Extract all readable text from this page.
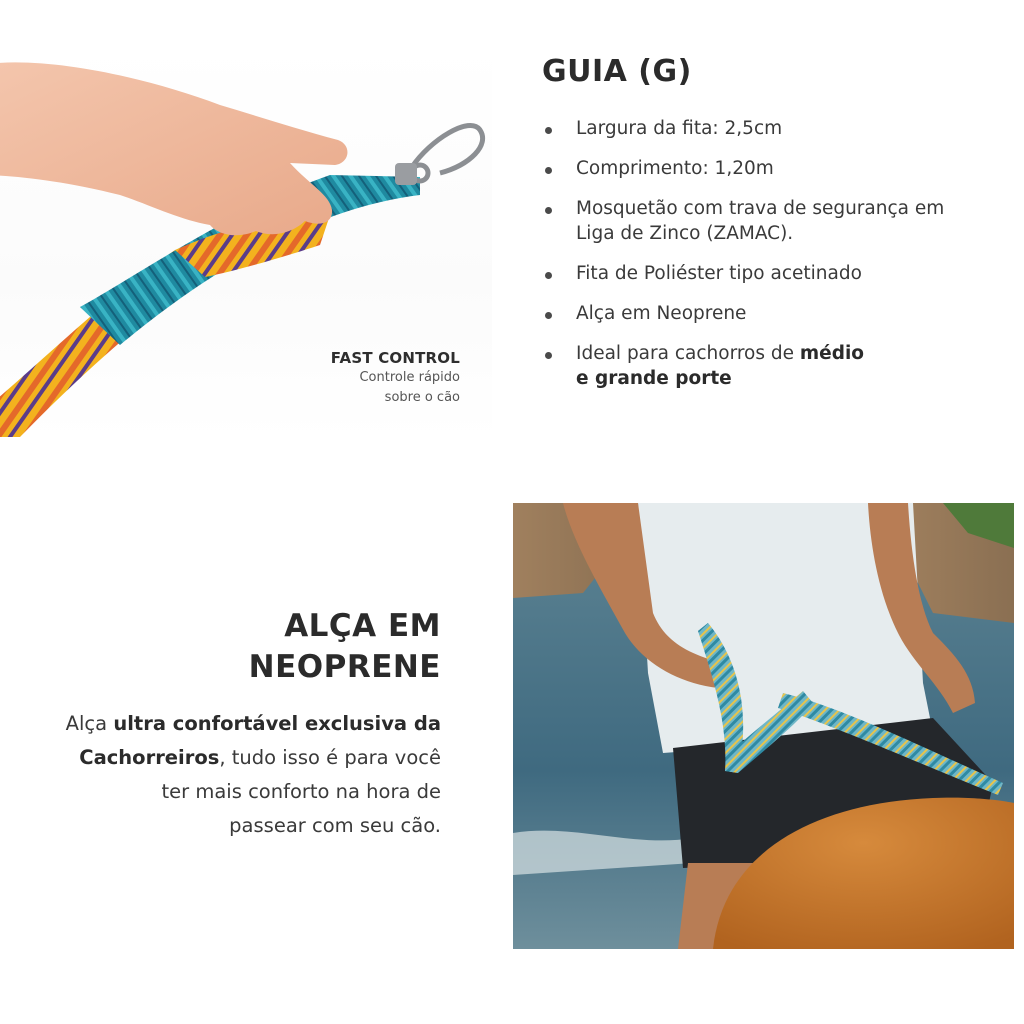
FAST CONTROL
Controle rápido
sobre o cão
GUIA (G)
Largura da fita: 2,5cm
Comprimento: 1,20m
Mosquetão com trava de segurança em
Liga de Zinco (ZAMAC).
Fita de Poliéster tipo acetinado
Alça em Neoprene
Ideal para cachorros de médio
e grande porte
ALÇA EM
NEOPRENE
Alça ultra confortável exclusiva da
Cachorreiros, tudo isso é para você
ter mais conforto na hora de
passear com seu cão.
